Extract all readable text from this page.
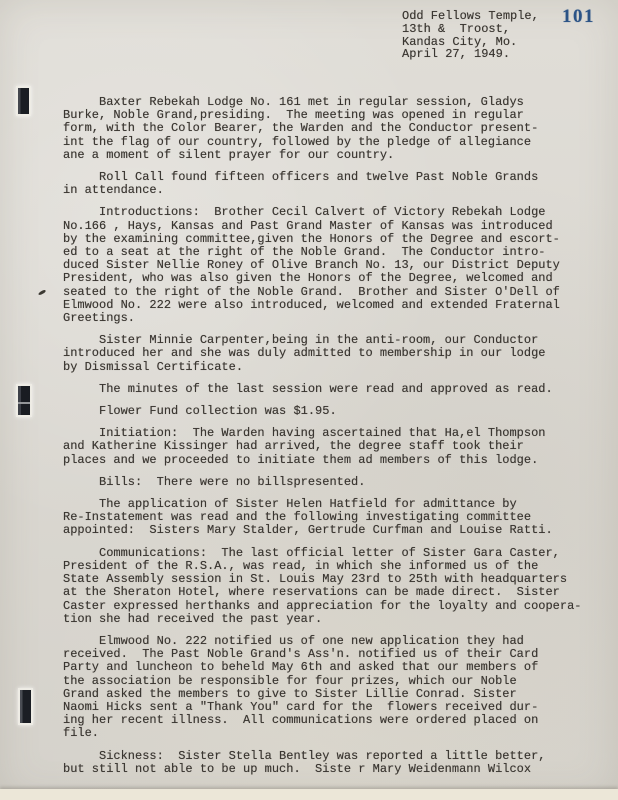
101
Odd Fellows Temple,
13th &  Troost,
Kandas City, Mo.
April 27, 1949.
Baxter Rebekah Lodge No. 161 met in regular session, Gladys
Burke, Noble Grand,presiding.  The meeting was opened in regular
form, with the Color Bearer, the Warden and the Conductor present-
int the flag of our country, followed by the pledge of allegiance
ane a moment of silent prayer for our country.
Roll Call found fifteen officers and twelve Past Noble Grands
in attendance.
Introductions:  Brother Cecil Calvert of Victory Rebekah Lodge
No.166 , Hays, Kansas and Past Grand Master of Kansas was introduced
by the examining committee,given the Honors of the Degree and escort-
ed to a seat at the right of the Noble Grand.  The Conductor intro-
duced Sister Nellie Roney of Olive Branch No. 13, our District Deputy
President, who was also given the Honors of the Degree, welcomed and
seated to the right of the Noble Grand.  Brother and Sister O'Dell of
Elmwood No. 222 were also introduced, welcomed and extended Fraternal
Greetings.
Sister Minnie Carpenter,being in the anti-room, our Conductor
introduced her and she was duly admitted to membership in our lodge
by Dismissal Certificate.
The minutes of the last session were read and approved as read.
Flower Fund collection was $1.95.
Initiation:  The Warden having ascertained that Ha,el Thompson
and Katherine Kissinger had arrived, the degree staff took their
places and we proceeded to initiate them ad members of this lodge.
Bills:  There were no billspresented.
The application of Sister Helen Hatfield for admittance by
Re-Instatement was read and the following investigating committee
appointed:  Sisters Mary Stalder, Gertrude Curfman and Louise Ratti.
Communications:  The last official letter of Sister Gara Caster,
President of the R.S.A., was read, in which she informed us of the
State Assembly session in St. Louis May 23rd to 25th with headquarters
at the Sheraton Hotel, where reservations can be made direct.  Sister
Caster expressed herthanks and appreciation for the loyalty and coopera-
tion she had received the past year.
Elmwood No. 222 notified us of one new application they had
received.  The Past Noble Grand's Ass'n. notified us of their Card
Party and luncheon to beheld May 6th and asked that our members of
the association be responsible for four prizes, which our Noble
Grand asked the members to give to Sister Lillie Conrad. Sister
Naomi Hicks sent a "Thank You" card for the  flowers received dur-
ing her recent illness.  All communications were ordered placed on
file.
Sickness:  Sister Stella Bentley was reported a little better,
but still not able to be up much.  Siste r Mary Weidenmann Wilcox
